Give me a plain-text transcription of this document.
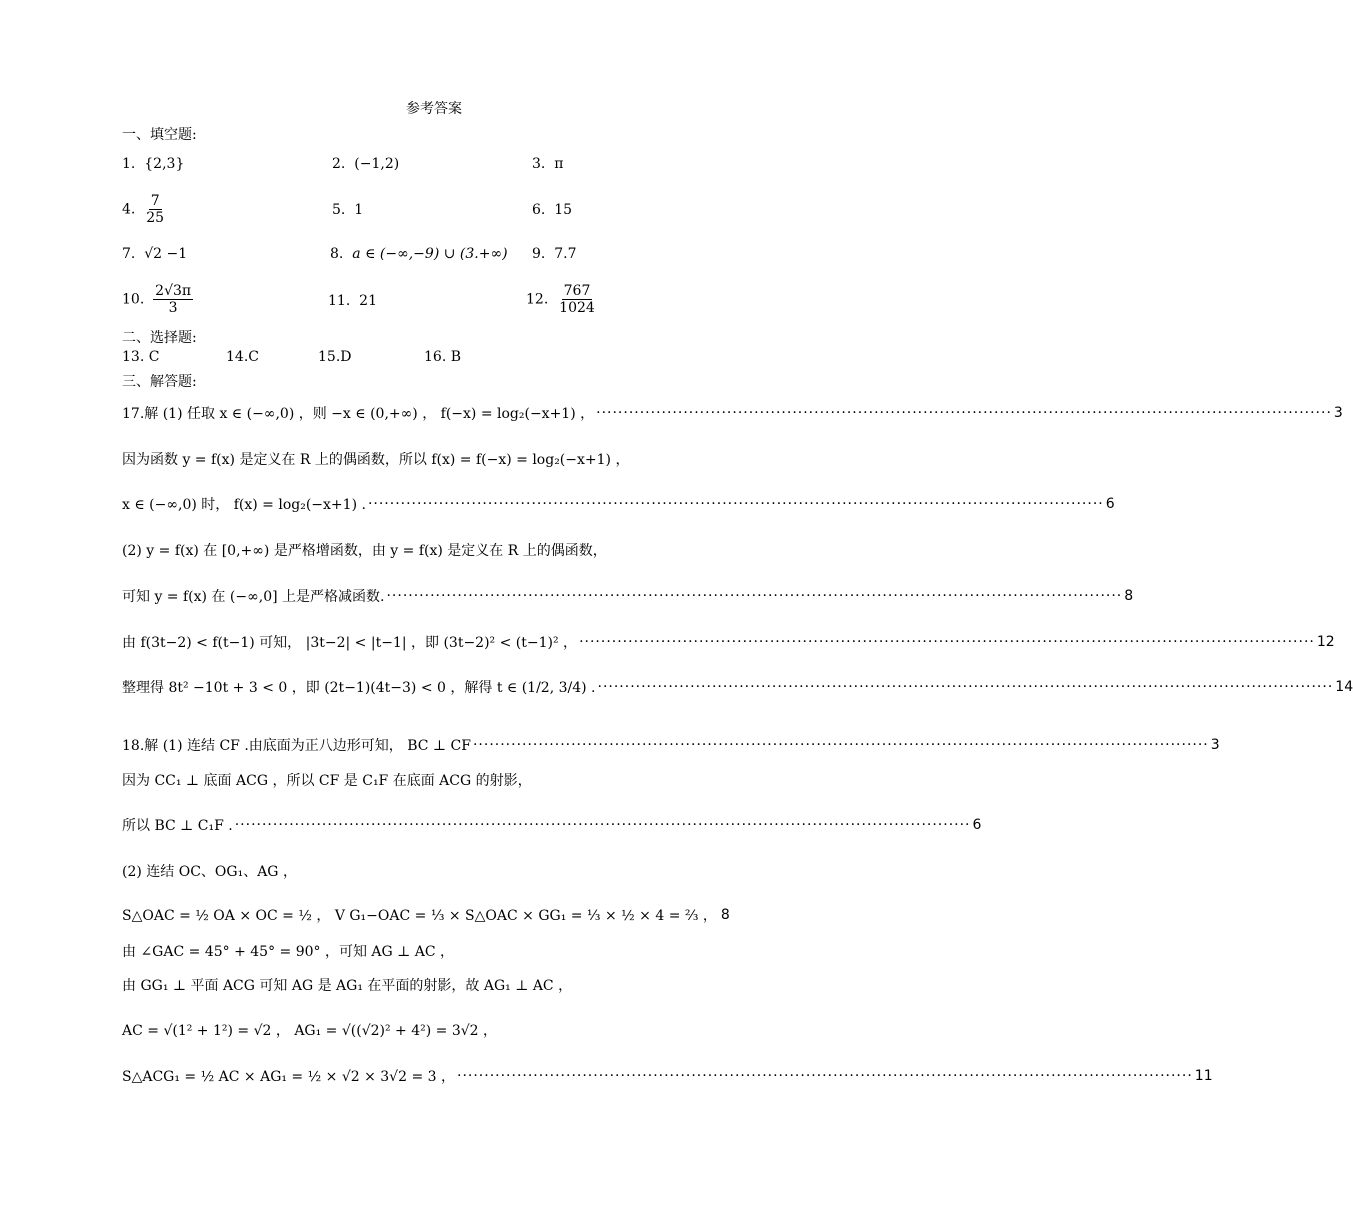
参考答案
一、填空题:
1. {2,3}	2. (−1,2)	3. π
4. $\frac{7}{25}$	5. 1	6. 15
7. √2 −1	8. a ∈ (−∞,−9) ∪ (3.+∞) 9. 7.7
10. $\frac{2√3\pi}{3}$	11. 21	12. $\frac{767}{1024}$
二、选择题:
13. C	14.C	15.D	16. B
三、解答题:
17.解 (1) 任取 x ∈ (−∞,0) ，则 −x ∈ (0,+∞) ， f(−x) = log₂(−x+1) ， ······································································································································· 3
因为函数 y = f(x) 是定义在 R 上的偶函数，所以 f(x) = f(−x) = log₂(−x+1) ，
x ∈ (−∞,0) 时， f(x) = log₂(−x+1) . ······································································································································· 6
(2) y = f(x) 在 [0,+∞) 是严格增函数，由 y = f(x) 是定义在 R 上的偶函数，
可知 y = f(x) 在 (−∞,0] 上是严格减函数. ······································································································································· 8
由 f(3t−2) < f(t−1) 可知， |3t−2| < |t−1| ，即 (3t−2)² < (t−1)² ， ······································································································································· 12
整理得 8t² −10t + 3 < 0 ，即 (2t−1)(4t−3) < 0 ，解得 t ∈ (1/2, 3/4) . ······································································································································· 14
18.解 (1) 连结 CF .由底面为正八边形可知， BC ⊥ CF ······································································································································· 3
因为 CC₁ ⊥ 底面 ACG ，所以 CF 是 C₁F 在底面 ACG 的射影，
所以 BC ⊥ C₁F . ······································································································································· 6
(2) 连结 OC、OG₁、AG ，
S△OAC = ½ OA × OC = ½ ， V G₁−OAC = ⅓ × S△OAC × GG₁ = ⅓ × ½ × 4 = ⅔ ， 8
由 ∠GAC = 45° + 45° = 90° ，可知 AG ⊥ AC ，
由 GG₁ ⊥ 平面 ACG 可知 AG 是 AG₁ 在平面的射影，故 AG₁ ⊥ AC ，
AC = √(1² + 1²) = √2 ， AG₁ = √((√2)² + 4²) = 3√2 ，
S△ACG₁ = ½ AC × AG₁ = ½ × √2 × 3√2 = 3 ， ······································································································································· 11
